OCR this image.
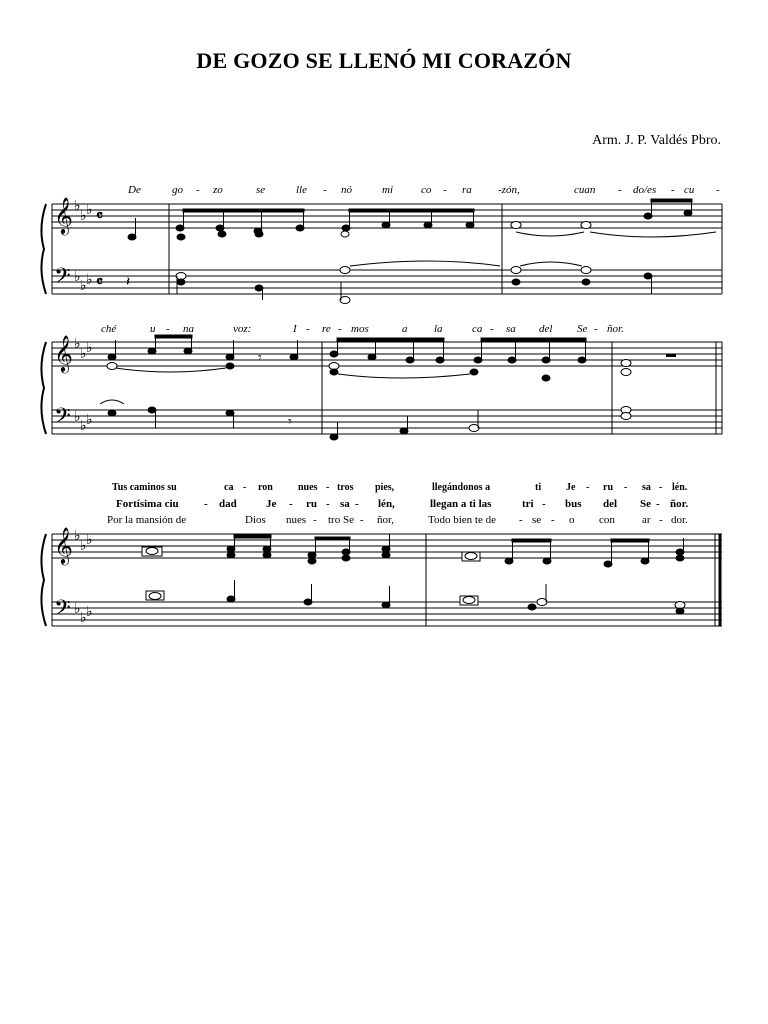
DE GOZO SE LLENÓ MI CORAZÓN
Arm. J. P. Valdés Pbro.
De	go - zo	se	lle - nó	mi	co - ra -zón,	cuan - do/es - cu -
ché	u - na	voz:	I - re - mos	a la	ca - sa del Se - ñor.
Tus caminos su	ca - ron	nues - tros pies,	llegándonos a	ti Je - ru - sa - lén.
Fortísima ciu - dad	Je - ru - sa - lén,	llegan a ti las	tri - bus del Se - ñor.
Por la mansión de	Dios nues - tro Se - ñor,	Todo bien te de - se - o con ar - dor.
𝄞
𝄢
♭
♭ ♭
♭
♭ ♭
𝄴
𝄴
𝄞
𝄢
♭
♭ ♭
♭
♭ ♭
𝄞
𝄢
♭
♭ ♭
♭
♭ ♭
𝄽
𝄾
𝄾
